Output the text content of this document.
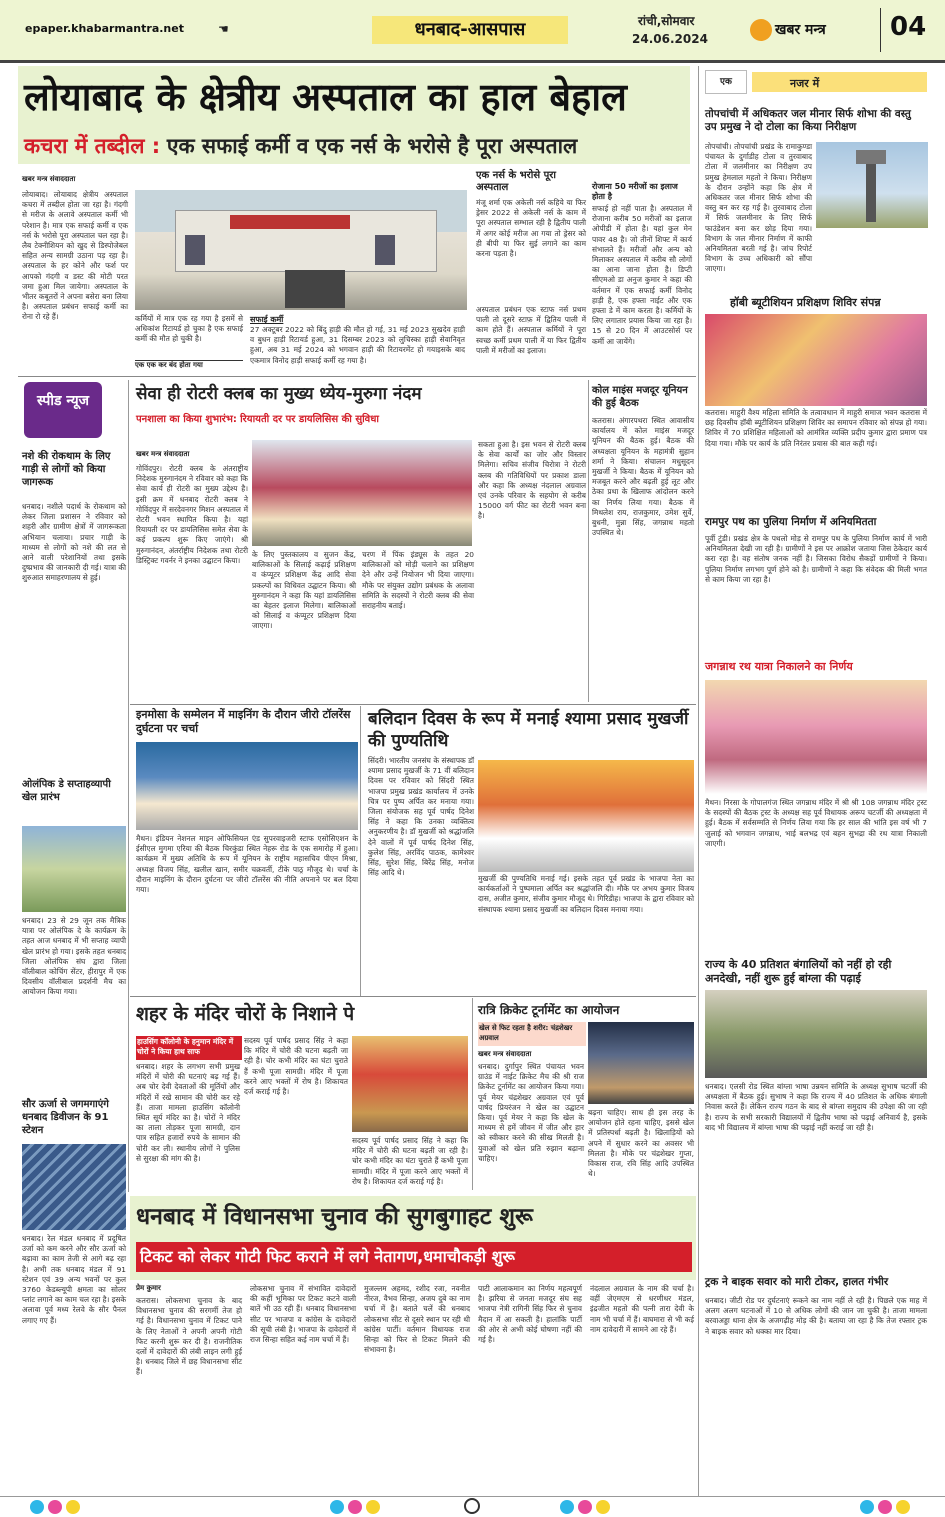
epaper.khabarmantra.net	☚	धनबाद-आसपास	रांची,सोमवार
24.06.2024
खबर मन्त्र 04
लोयाबाद के क्षेत्रीय अस्पताल का हाल बेहाल
कचरा में तब्दील : एक सफाई कर्मी व एक नर्स के भरोसे है पूरा अस्पताल
खबर मन्त्र संवाददाता
लोयाबाद। लोयाबाद क्षेत्रीय अस्पताल कचरा में तब्दील होता जा रहा है। गंदगी से मरीज के अलावे अस्पताल कर्मी भी परेशान है। मात्र एक सफाई कर्मी व एक नर्स के भरोसे पूरा अस्पताल चल रहा है। लैब टेक्नीशियन को खुद से डिस्पोजेबल सहित अन्य सामग्री उठाना पड़ रहा है। अस्पताल के हर कोने और फर्श पर आपको गंदगी व डस्ट की मोटी परत जमा हुआ मिल जायेगा। अस्पताल के भीतर कबूतरों ने अपना बसेरा बना लिया है। अस्पताल प्रबंधन सफाई कर्मी का रोना रो रहे हैं।	कर्मियों में मात्र एक रह गया है इसमें से अधिकांश रिटायर्ड हो चुका है एक सफाई कर्मी की मौत हो चुकी है।
एक एक कर बंद होता गया
सफाई कर्मी
27 अक्टूबर 2022 को बिंदु हाड़ी की मौत हो गई, 31 मई 2023 सुखदेव हाड़ी व बुधन हाड़ी रिटायर्ड हुआ, 31 दिसम्बर 2023 को लुचिस्का हाड़ी सेवानिवृत हुआ, अब 31 मई 2024 को भगवान हाड़ी की रिटायरमेंट हो गयाइसके बाद एकमात्र विनोद हाड़ी सफाई कर्मी रह गया है।
एक नर्स के भरोसे पूरा अस्पताल
मंजू शर्मा एक अकेली नर्स कहिये या फिर ड्रेसर 2022 से अकेली नर्स के काम में पूरा अस्पताल सम्भाल रही है द्वितीय पाली में अगर कोई मरीज आ गया तो ड्रेसर को ही बीपी या फिर सुई लगाने का काम करना पड़ता है।
अस्पताल प्रबंधन एक स्टाफ नर्स प्रथम पाली तो दूसरे स्टाफ़ में द्वितिय पाली में काम होते हैं। अस्पताल कर्मियों ने पूरा स्वच्छ कर्मी प्रथम पाली में या फिर द्वितीय पाली में मरीजों का इलाज।
रोजाना 50 मरीजों का इलाज होता है
सफाई हो नहीं पाता है। अस्पताल में रोजाना करीब 50 मरीजों का इलाज ओपीडी में होता है। यहां कुल मेन पावर 48 है। जो तीनों शिफ्ट में कार्य संभालते हैं। मरीजों और अन्य को मिलाकर अस्पताल में करीब सौ लोगों का आना जाना होता है। डिप्टी सीएमओ डा अनुज कुमार ने कहा की वर्तमान में एक सफाई कर्मी विनोद हाड़ी है, एक हफ्ता नाईट और एक हफ्ता डे में काम करता है। कर्मियों के लिए लगातार प्रयास किया जा रहा है। 15 से 20 दिन में आउटसोर्स पर कर्मी आ जायेंगे।
एक	नजर में
तोपचांची में अधिकतर जल मीनार सिर्फ शोभा की वस्तु उप प्रमुख ने दो टोला का किया निरीक्षण
तोपचांची। तोपचांची प्रखंड के रामाकुण्डा पंचायत के दुर्गाडीह टोला व तुरवाबाद टोला में जलमीनार का निरीक्षण उप प्रमुख हेमलाल महतो ने किया। निरीक्षण के दौरान उन्होंने कहा कि क्षेत्र में अधिकतर जल मीनार सिर्फ शोभा की वस्तु बन कर रह गई है। तुरवाबाद टोला में सिर्फ जलमीनार के लिए सिर्फ फाउंडेशन बना कर छोड़ दिया गया। विभाग के जल मीनार निर्माण में काफी अनियमितता बरती गई है। जांच रिपोर्ट विभाग के उच्च अधिकारी को सौंपा जाएगा।
हॉबी ब्यूटीशियन प्रशिक्षण शिविर संपन्न
कतरास। माहुरी वैश्य महिला समिति के तत्वावधान में माहुरी समाज भवन कतरास में छह दिवसीय हॉबी ब्यूटीशियन प्रशिक्षण शिविर का समापन रविवार को संपन्न हो गया। शिविर में 70 प्रशिक्षित महिलाओं को आमंत्रित व्यक्ति प्रदीप कुमार द्वारा प्रमाण पत्र दिया गया। मौके पर कार्य के प्रति निरंतर प्रयास की बात कही गई।
रामपुर पथ का पुलिया निर्माण में अनियमितता
पूर्वी टुंडी। प्रखंड क्षेत्र के पथलो मोड़ से रामपुर पथ के पुलिया निर्माण कार्य में भारी अनियमितता देखी जा रही है। ग्रामीणों ने इस पर आक्रोश जताया जिस ठेकेदार कार्य करा रहा है। वह संतोष जनक नहीं है। जिसका विरोध सैकड़ों ग्रामीणों ने किया। पुलिया निर्माण लगभग पूर्ण होने को है। ग्रामीणों ने कहा कि संवेदक की मिली भगत से काम किया जा रहा है।
जगन्नाथ रथ यात्रा निकालने का निर्णय
मैथन। निरसा के गोपालगंज स्थित जगन्नाथ मंदिर में श्री श्री 108 जगन्नाथ मंदिर ट्रस्ट के सदस्यों की बैठक ट्रस्ट के अध्यक्ष सह पूर्व विधायक अरूप चटर्जी की अध्यक्षता में हुई। बैठक में सर्वसम्मति से निर्णय लिया गया कि हर साल की भांति इस वर्ष भी 7 जुलाई को भगवान जगन्नाथ, भाई बलभद्र एवं बहन सुभद्रा की रथ यात्रा निकाली जाएगी।
राज्य के 40 प्रतिशत बंगालियों को नहीं हो रही अनदेखी, नहीं शुरू हुई बांग्ला की पढ़ाई
धनबाद। एलसी रोड स्थित बांग्ला भाषा उन्नयन समिति के अध्यक्ष सुभाष चटर्जी की अध्यक्षता में बैठक हुई। सुभाष ने कहा कि राज्य में 40 प्रतिशत के अधिक बंगाली निवास करते हैं। लेकिन राज्य गठन के बाद से बांग्ला समुदाय की उपेक्षा की जा रही है। राज्य के सभी सरकारी विद्यालयों में द्वितीय भाषा को पढ़ाई अनिवार्य है, इसके बाद भी विद्यालय में बांग्ला भाषा की पढ़ाई नहीं कराई जा रही है।
ट्रक ने बाइक सवार को मारी टोकर, हालत गंभीर
धनबाद। जीटी रोड पर दुर्घटनाएं रूकने का नाम नहीं ले रही है। पिछले एक माह में अलग अलग घटनाओं में 10 से अधिक लोगों की जान जा चुकी है। ताजा मामला बरवाअड्डा थाना क्षेत्र के अजगढ़ीह मोड़ की है। बताया जा रहा है कि तेज रफ्तार ट्रक ने बाइक सवार को धक्का मार दिया।
स्पीड न्यूज
नशे की रोकथाम के लिए गाड़ी से लोगों को किया जागरूक
धनबाद। नशीले पदार्थ के रोकथाम को लेकर जिला प्रशासन ने रविवार को शहरी और ग्रामीण क्षेत्रों में जागरूकता अभियान चलाया। प्रचार गाड़ी के माध्यम से लोगों को नशे की लत से आने वाली परेशानियों तथा इसके दुष्प्रभाव की जानकारी दी गई। यात्रा की शुरुआत समाहरणालय से हुई।
ओलंपिक डे सप्ताहव्यापी खेल प्रारंभ
धनबाद। 23 से 29 जून तक मैत्रिक यात्रा पर ओलंपिक दे के कार्यक्रम के तहत आज धनबाद में भी सप्ताह व्यापी खेल प्रारंभ हो गया। इसके तहत धनबाद जिला ओलंपिक संघ द्वारा जिला वॉलीबाल कोचिंग सेंटर, हीरापुर में एक दिवसीय वॉलीबाल प्रदर्शनी मैच का आयोजन किया गया।
सौर ऊर्जा से जगमगाएंगे धनबाद डिवीजन के 91 स्टेशन
धनबाद। रेल मंडल धनबाद में प्रदूषित उर्जा को कम करने और सौर ऊर्जा को बढ़ावा का काम तेजी से आगे बढ़ रहा है। अभी तक धनबाद मंडल में 91 स्टेशन एवं 39 अन्य भवनों पर कुल 3760 केडब्ल्यूपी क्षमता का सोलर प्लांट लगाने का काम चल रहा है। इसके अलावा पूर्व मध्य रेलवे के सौर पैनल लगाए गए हैं।
सेवा ही रोटरी क्लब का मुख्य ध्येय-मुरुगा नंदम
पनशाला का किया शुभारंभ: रियायती दर पर डायलिसिस की सुविधा
खबर मन्त्र संवाददाता
गोविंदपुर। रोटरी क्लब के अंतराष्ट्रीय निदेशक मुरुगानंदम ने रविवार को कहा कि सेवा कार्य ही रोटरी का मुख्य उद्देश्य है। इसी क्रम में धनबाद रोटरी क्लब ने गोविंदपुर में सरदेवनगर मिशन अस्पताल में रोटरी भवन स्थापित किया है। यहां रियायती दर पर डायलिसिस समेत सेवा के कई प्रकल्प शुरू किए जाएंगे। श्री मुरुगानंदन, अंतर्राष्ट्रीय निदेशक तथा रोटरी डिस्ट्रिक्ट गवर्नर ने इनका उद्घाटन किया।
के लिए पुस्तकालय व सुजन केंद्र, बालिकाओं के सिलाई कढ़ाई प्रशिक्षण व कंप्यूटर प्रशिक्षण केंद्र आदि सेवा प्रकल्पों का विधिवत उद्घाटन किया। श्री मुरुगानंदम ने कहा कि यहां डायलिसिस का बेहतर इलाज मिलेगा। बालिकाओं को सिलाई व कंप्यूटर प्रशिक्षण दिया जाएगा।
चरण में पिंक इंड्यूस के तहत 20 बालिकाओं को मोड़ी चलाने का प्रशिक्षण देने और उन्हें नियोजन भी दिया जाएगा। मौके पर संयुक्त उद्योग प्रबंधक के अलावा समिति के सदस्यों ने रोटरी क्लब की सेवा सराहनीय बताई।
सकता हुआ है। इस भवन से रोटरी क्लब के सेवा कार्यों का जोर और विस्तार मिलेगा। सचिव संजीव चिरोत्रा ने रोटरी क्लब की गतिविधियों पर प्रकाश डाला और कहा कि अध्यक्ष नंदलाल अग्रवाल एवं उनके परिवार के सहयोग से करीब 15000 वर्ग फीट का रोटरी भवन बना है।
कोल माइंस मजदूर यूनियन की हुई बैठक
कतरास। अंगारपथरा स्थित आवासीय कार्यालय में कोल माइंस मजदूर यूनियन की बैठक हुई। बैठक की अध्यक्षता यूनियन के महामंत्री सुहान शर्मा ने किया। संचालन मधुसूदन मुखर्जी ने किया। बैठक में यूनियन को मजबूत करने और बढ़ती हुई लूट और ठेका प्रथा के खिलाफ आंदोलन करने का निर्णय लिया गया। बैठक में मिथलेश राय, राजकुमार, उमेश सुर्वे, बुधनी, मुन्ना सिंह, जगन्नाथ महतो उपस्थित थे।
इनमोसा के सम्मेलन में माइनिंग के दौरान जीरो टॉलरेंस दुर्घटना पर चर्चा
मैथन। इंडियन नेशनल माइन ओफिसियल एंड सुपरवाइजरी स्टाफ एसोसिएशन के ईसीएल मुगमा एरिया की बैठक चिरकुंडा स्थित नेहरू रोड के एक समारोह में हुआ। कार्यक्रम में मुख्य अतिथि के रूप में यूनियन के राष्ट्रीय महासचिव पीएन मिश्रा, अध्यक्ष विजय सिंह, खलील खान, समीर चक्रवर्ती, टीके पाठ्र मौजूद थे। चर्चा के दौरान माइनिंग के दौरान दुर्घटना पर जीरो टॉलरेंस की नीति अपनाने पर बल दिया गया।
बलिदान दिवस के रूप में मनाई श्यामा प्रसाद मुखर्जी की पुण्यतिथि
सिंदरी। भारतीय जनसंघ के संस्थापक डॉ श्यामा प्रसाद मुखर्जी के 71 वीं बलिदान दिवस पर रविवार को सिंदरी स्थित भाजपा प्रमुख प्रखंड कार्यालय में उनके चित्र पर पुष्प अर्पित कर मनाया गया। जिला संयोजक सह पूर्व पार्षद दिनेश सिंह ने कहा कि उनका व्यक्तित्व अनुकरणीय है। डॉ मुखर्जी को श्रद्धांजलि देने वालों में पूर्व पार्षद दिनेश सिंह, कुलेश सिंह, अरविंद पाठक, कामेश्वर सिंह, सुरेश सिंह, बिरेंद्र सिंह, मनोज सिंह आदि थे।
मुखर्जी की पुण्यतिथि मनाई गई। इसके तहत पूर्व प्रखंड के भाजपा नेता का कार्यकर्ताओं ने पुष्पमाला अर्पित कर श्रद्धांजलि दी। मौके पर अभय कुमार विजय दास, अजीत कुमार, संजीव कुमार मौजूद थे। गिरिडीह। भाजपा के द्वारा रविवार को संस्थापक श्यामा प्रसाद मुखर्जी का बलिदान दिवस मनाया गया।
शहर के मंदिर चोरों के निशाने पे
हाउसिंग कॉलोनी के हनुमान मंदिर में चोरों ने किया हाथ साफ
धनबाद। शहर के लगभग सभी प्रमुख मंदिरों में चोरी की घटनाएं बढ़ गई हैं। अब चोर देवी देवताओं की मूर्तियों और मंदिरों में रखे सामान की चोरी कर रहे हैं। ताजा मामला हाउसिंग कॉलोनी स्थित सूर्य मंदिर का है। चोरों ने मंदिर का ताला तोड़कर पूजा सामग्री, दान पात्र सहित हजारों रुपये के सामान की चोरी कर ली। स्थानीय लोगों ने पुलिस से सुरक्षा की मांग की है।
सदस्य पूर्व पार्षद प्रसाद सिंह ने कहा कि मंदिर में चोरी की घटना बढ़ती जा रही है। चोर कभी मंदिर का घंटा चुराते हैं कभी पूजा सामग्री। मंदिर में पूजा करने आए भक्तों में रोष है। शिकायत दर्ज कराई गई है।
सदस्य पूर्व पार्षद प्रसाद सिंह ने कहा कि मंदिर में चोरी की घटना बढ़ती जा रही है। चोर कभी मंदिर का घंटा चुराते हैं कभी पूजा सामग्री। मंदिर में पूजा करने आए भक्तों में रोष है। शिकायत दर्ज कराई गई है।
रात्रि क्रिकेट टूर्नामेंट का आयोजन
खेल से फिट रहता है शरीर: चंद्रशेखर अग्रवाल
खबर मन्त्र संवाददाता
धनबाद। दुर्गापुर स्थित पंचायत भवन ग्राउंड में नाईट क्रिकेट मैच की श्री राज क्रिकेट टूर्नामेंट का आयोजन किया गया। पूर्व मेयर चंद्रशेखर अग्रवाल एवं पूर्व पार्षद प्रियरंजन ने खेल का उद्घाटन किया। पूर्व मेयर ने कहा कि खेल के माध्यम से हमें जीवन में जीत और हार को स्वीकार करने की सीख मिलती है। युवाओं को खेल प्रति रुझान बढ़ाना चाहिए।
बढ़ना चाहिए। साथ ही इस तरह के आयोजन होते रहना चाहिए, इससे खेल में प्रतिस्पर्धा बढ़ती है। खिलाड़ियों को अपने में सुधार करने का अवसर भी मिलता है। मौके पर चंद्रशेखर गुप्ता, विकास राज, रवि सिंह आदि उपस्थित थे।
धनबाद में विधानसभा चुनाव की सुगबुगाहट शुरू
टिकट को लेकर गोटी फिट कराने में लगे नेतागण,धमाचौकड़ी शुरू
प्रेम कुमार
कतरास। लोकसभा चुनाव के बाद विधानसभा चुनाव की सरगर्मी तेज हो गई है। विधानसभा चुनाव में टिकट पाने के लिए नेताओं ने अपनी अपनी गोटी फिट करनी शुरू कर दी है। राजनीतिक दलों में दावेदारों की लंबी लाइन लगी हुई है। धनबाद जिले में छह विधानसभा सीट हैं।
लोकसभा चुनाव में संभावित दावेदारों की कहीं भूमिका पर टिकट कटने वाली बातें भी उठ रही हैं। धनबाद विधानसभा सीट पर भाजपा व कांग्रेस के दावेदारों की सूची लंबी है। भाजपा के दावेदारों में राज सिन्हा सहित कई नाम चर्चा में हैं।
मुजल्लम अहमद, रशीद रजा, नवनीत नीरज, वैभव सिन्हा, अजय दुबे का नाम चर्चा में है। बताते चलें की धनबाद लोकसभा सीट से दूसरे स्थान पर रही थी कांग्रेस पार्टी। वर्तमान विधायक राज सिन्हा को फिर से टिकट मिलने की संभावना है।
पाटी आलाकमान का निर्णय महत्वपूर्ण है। झरिया से जनता मजदूर संघ सह भाजपा नेत्री रागिनी सिंह फिर से चुनाव मैदान में आ सकती है। हालांकि पार्टी की ओर से अभी कोई घोषणा नहीं की गई है।
नंदलाल अग्रवाल के नाम की चर्चा है। वहीं जेएमएम से धरणीधर मंडल, इंद्रजीत महतो की पत्नी तारा देवी के नाम भी चर्चा में हैं। बाघमारा से भी कई नाम दावेदारी में सामने आ रहे हैं।
